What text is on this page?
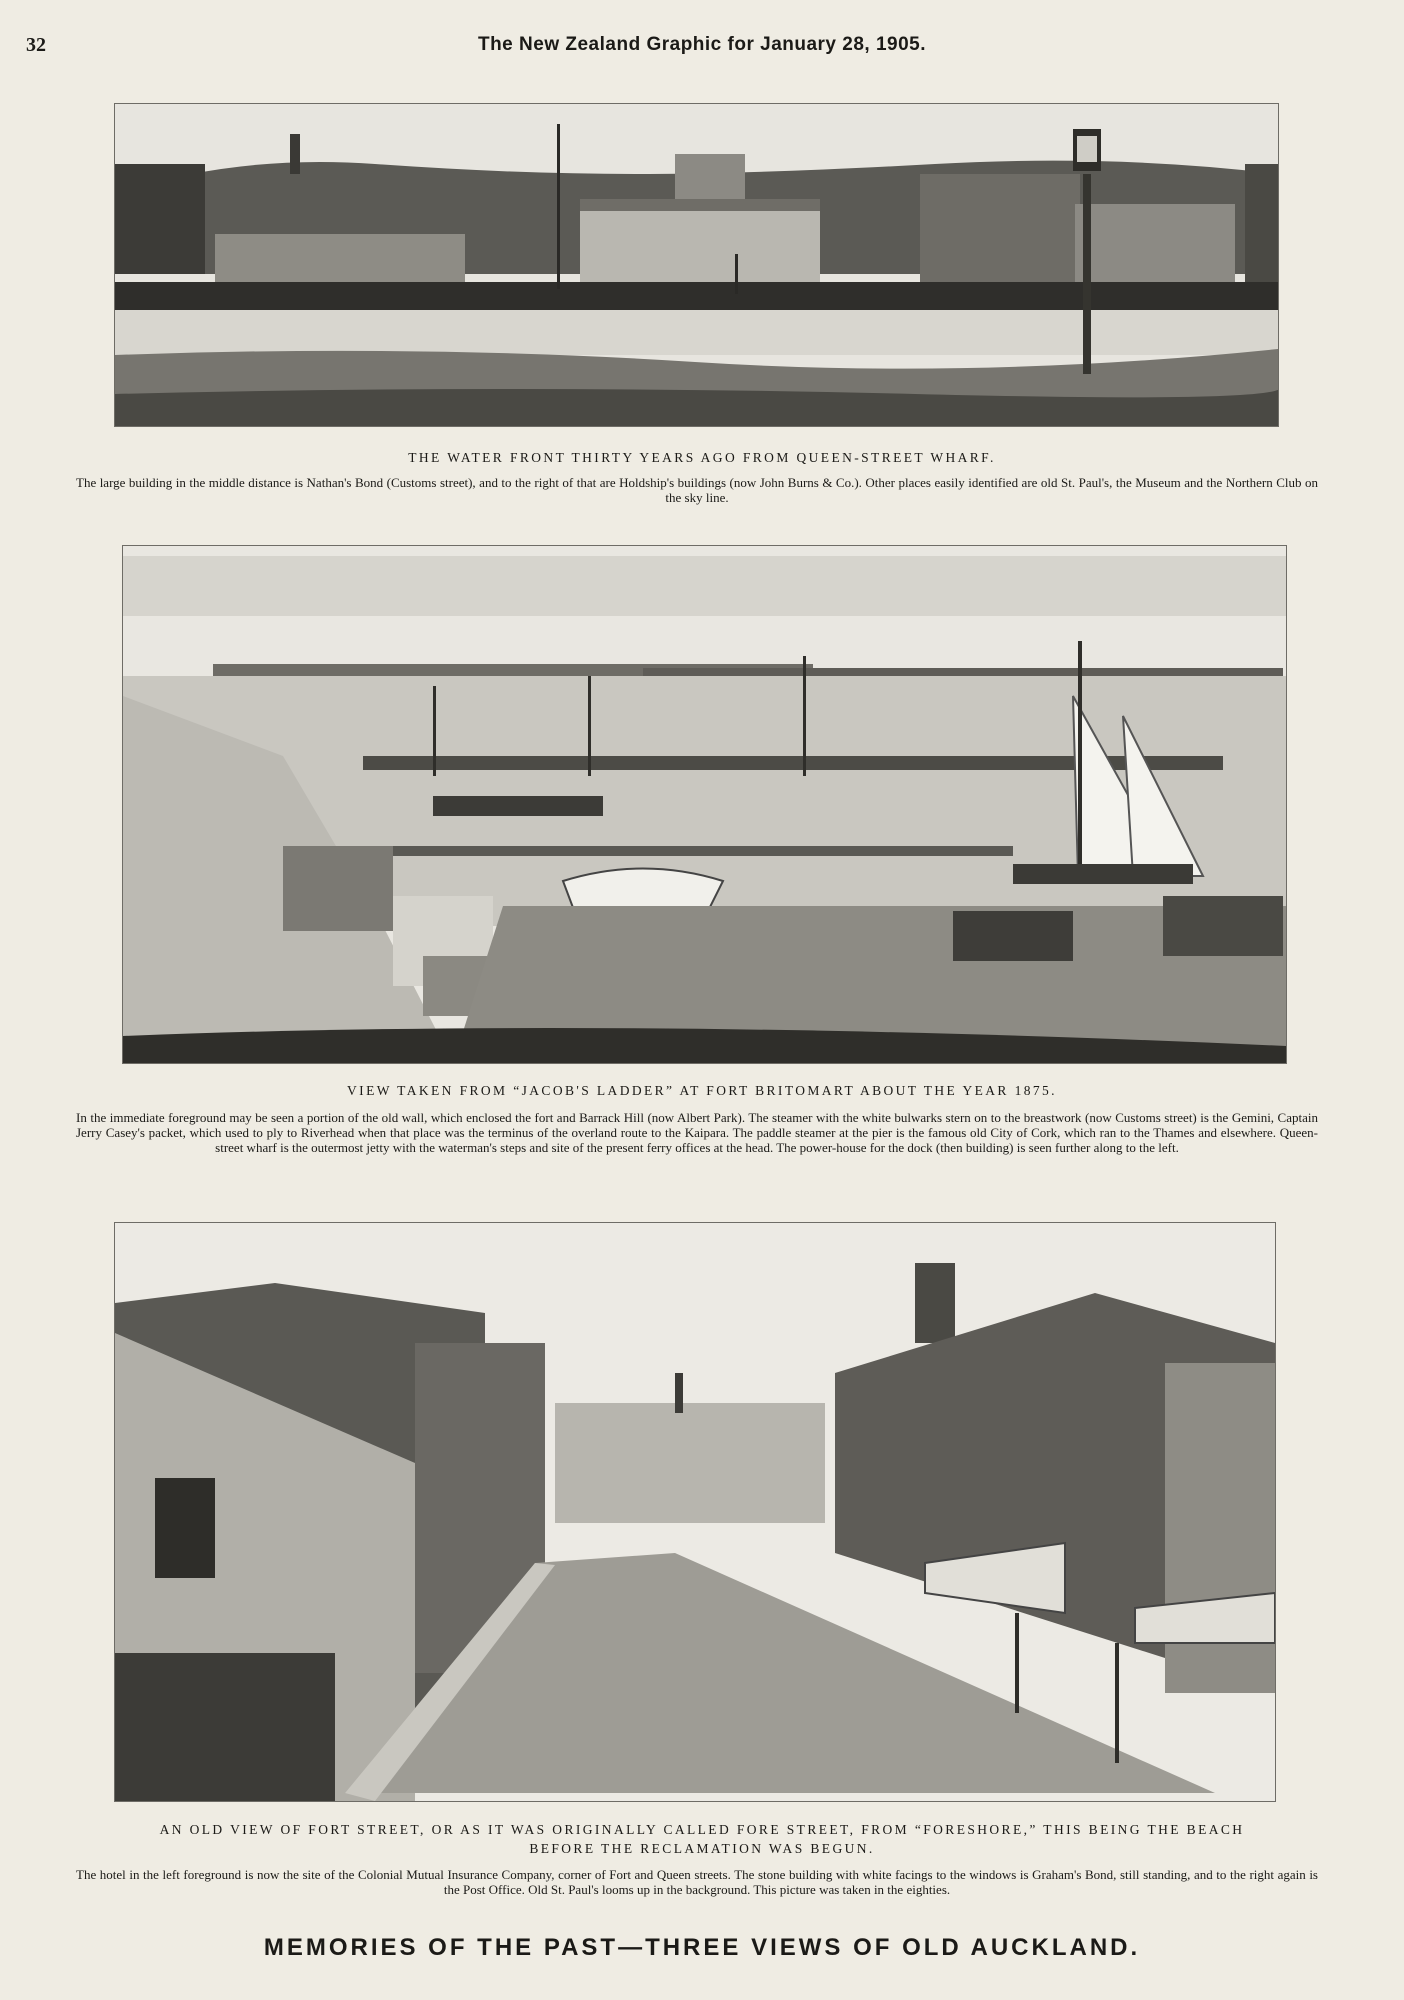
32	The New Zealand Graphic for January 28, 1905.
THE WATER FRONT THIRTY YEARS AGO FROM QUEEN-STREET WHARF.
The large building in the middle distance is Nathan's Bond (Customs street), and to the right of that are Holdship's buildings (now John Burns & Co.). Other places easily identified are old St. Paul's, the Museum and the Northern Club on the sky line.
VIEW TAKEN FROM “JACOB'S LADDER” AT FORT BRITOMART ABOUT THE YEAR 1875.
In the immediate foreground may be seen a portion of the old wall, which enclosed the fort and Barrack Hill (now Albert Park). The steamer with the white bulwarks stern on to the breastwork (now Customs street) is the Gemini, Captain Jerry Casey's packet, which used to ply to Riverhead when that place was the terminus of the overland route to the Kaipara. The paddle steamer at the pier is the famous old City of Cork, which ran to the Thames and elsewhere. Queen-street wharf is the outermost jetty with the waterman's steps and site of the present ferry offices at the head. The power-house for the dock (then building) is seen further along to the left.
AN OLD VIEW OF FORT STREET, OR AS IT WAS ORIGINALLY CALLED FORE STREET, FROM “FORESHORE,” THIS BEING THE BEACH BEFORE THE RECLAMATION WAS BEGUN.
The hotel in the left foreground is now the site of the Colonial Mutual Insurance Company, corner of Fort and Queen streets. The stone building with white facings to the windows is Graham's Bond, still standing, and to the right again is the Post Office. Old St. Paul's looms up in the background. This picture was taken in the eighties.
MEMORIES OF THE PAST—THREE VIEWS OF OLD AUCKLAND.
